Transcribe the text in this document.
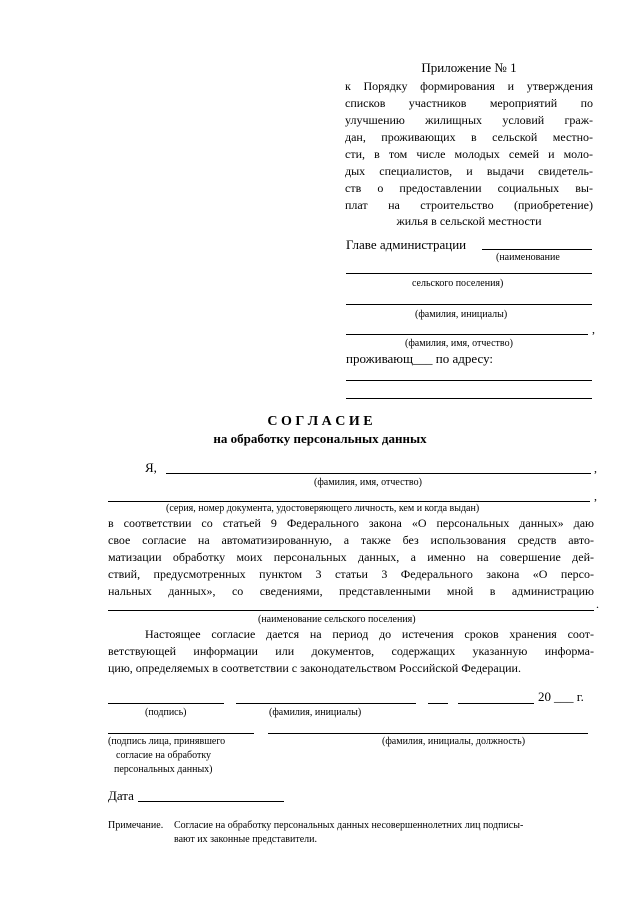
Приложение № 1
к Порядку формирования и утверждения
списков участников мероприятий по
улучшению жилищных условий граж-
дан, проживающих в сельской местно-
сти, в том числе молодых семей и моло-
дых специалистов, и выдачи свидетель-
ств о предоставлении социальных вы-
плат на строительство (приобретение)
жилья в сельской местности
Главе администрации
(наименование
сельского поселения)
(фамилия, инициалы)
,
(фамилия, имя, отчество)
проживающ___ по адресу:
С О Г Л А С И Е
на обработку персональных данных
Я,	,
(фамилия, имя, отчество)
,
(серия, номер документа, удостоверяющего личность, кем и когда выдан)
в соответствии со статьей 9 Федерального закона «О персональных данных» даю
свое согласие на автоматизированную, а также без использования средств авто-
матизации обработку моих персональных данных, а именно на совершение дей-
ствий, предусмотренных пунктом 3 статьи 3 Федерального закона «О персо-
нальных данных», со сведениями, представленными мной в администрацию
.
(наименование сельского поселения)
Настоящее согласие дается на период до истечения сроков хранения соот-
ветствующей информации или документов, содержащих указанную информа-
цию, определяемых в соответствии с законодательством Российской Федерации.
20 ___ г.
(подпись)	(фамилия, инициалы)
(подпись лица, принявшего
согласие на обработку
персональных данных)
(фамилия, инициалы, должность)
Дата
Примечание. Согласие на обработку персональных данных несовершеннолетних лиц подписы-
вают их законные представители.
